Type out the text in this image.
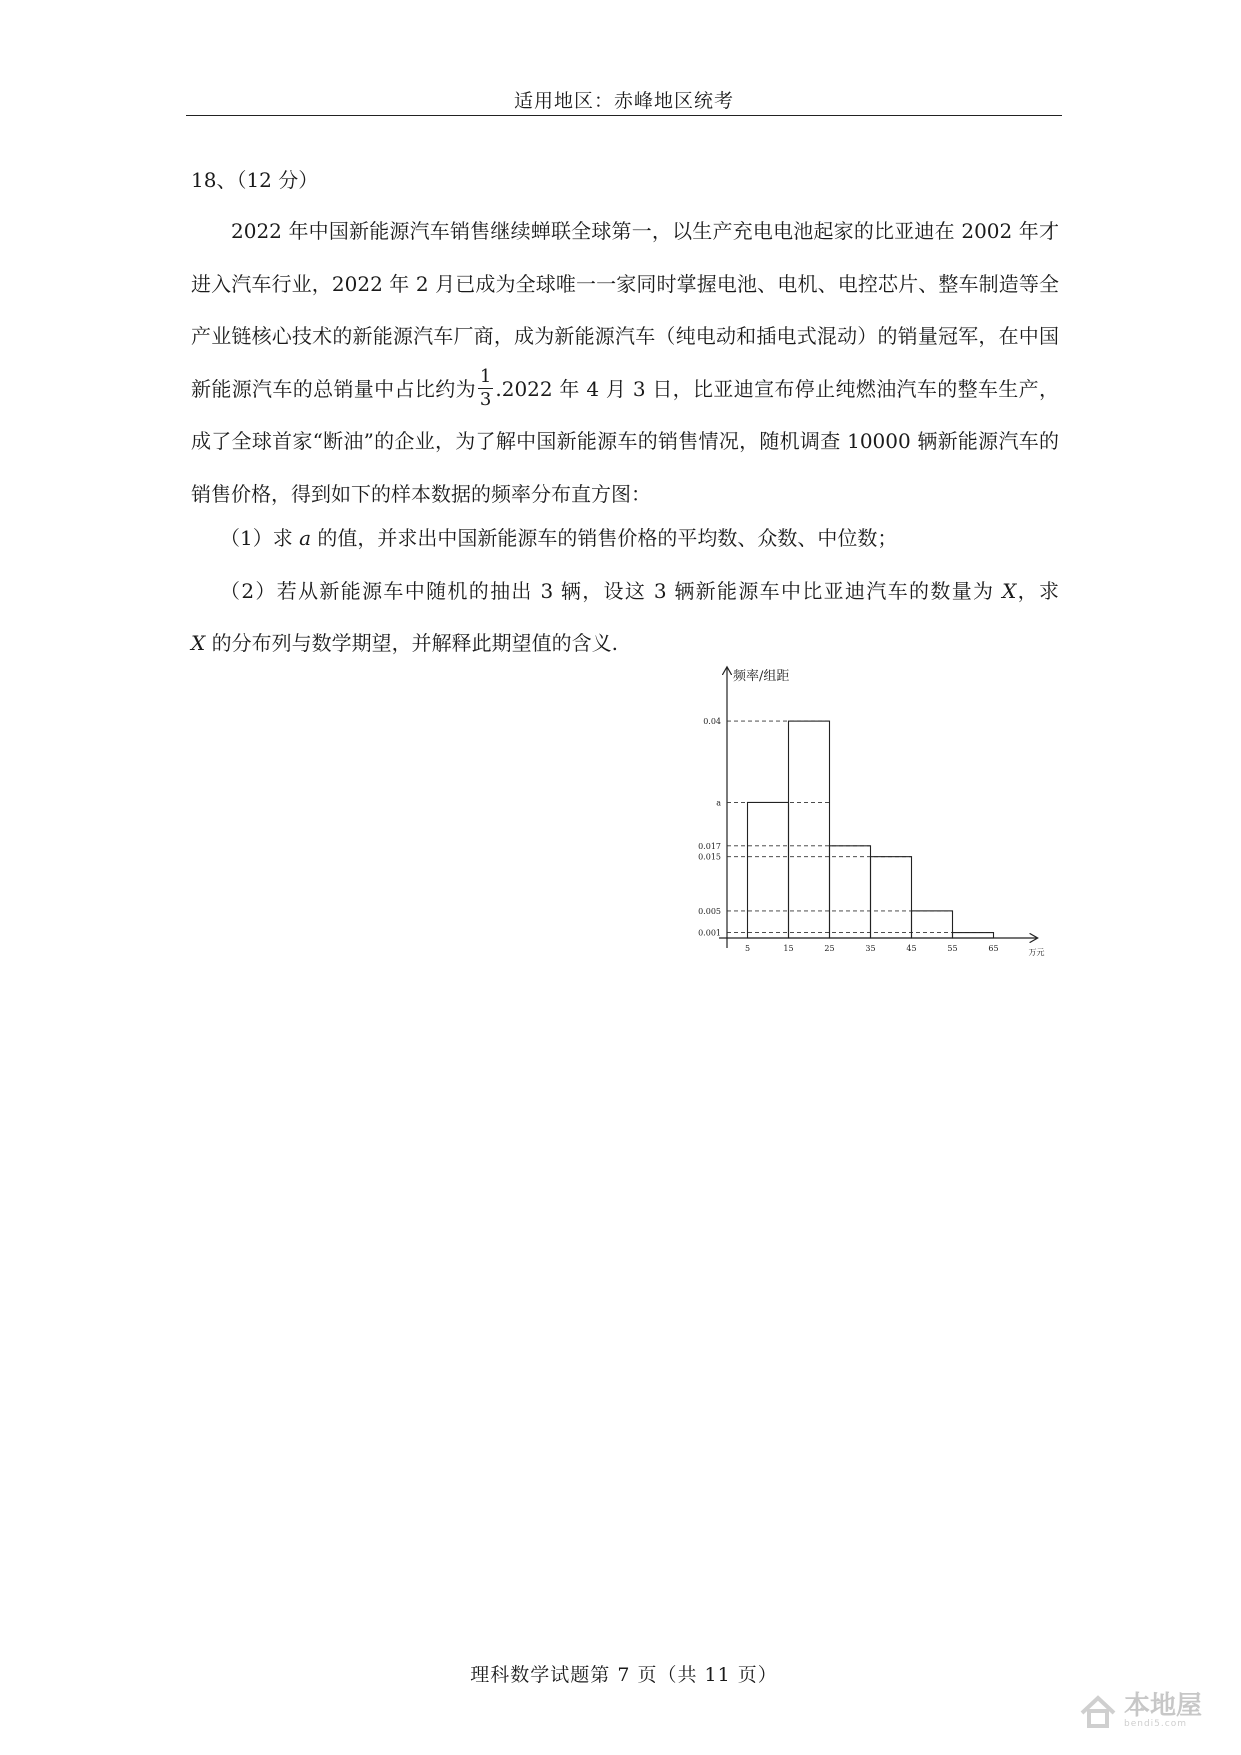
适用地区：赤峰地区统考
18、（12 分）
2022 年中国新能源汽车销售继续蝉联全球第一，以生产充电电池起家的比亚迪在 2002 年才进入汽车行业，2022 年 2 月已成为全球唯一一家同时掌握电池、电机、电控芯片、整车制造等全产业链核心技术的新能源汽车厂商，成为新能源汽车（纯电动和插电式混动）的销量冠军，在中国新能源汽车的总销量中占比约为 $\frac{1}{3} .2022$ 年 4 月 3 日，比亚迪宣布停止纯燃油汽车的整车生产，成了全球首家“断油”的企业，为了解中国新能源车的销售情况，随机调查 10000 辆新能源汽车的销售价格，得到如下的样本数据的频率分布直方图：
（1）求 a 的值，并求出中国新能源车的销售价格的平均数、众数、中位数；
（2）若从新能源车中随机的抽出 3 辆，设这 3 辆新能源车中比亚迪汽车的数量为 X，求
X 的分布列与数学期望，并解释此期望值的含义.
频率/组距
万元
0.04
a
0.017
0.015
0.005
0.001
5	15	25	35	45	55	65
理科数学试题第 7 页（共 11 页）
本地屋
bendi5.com
